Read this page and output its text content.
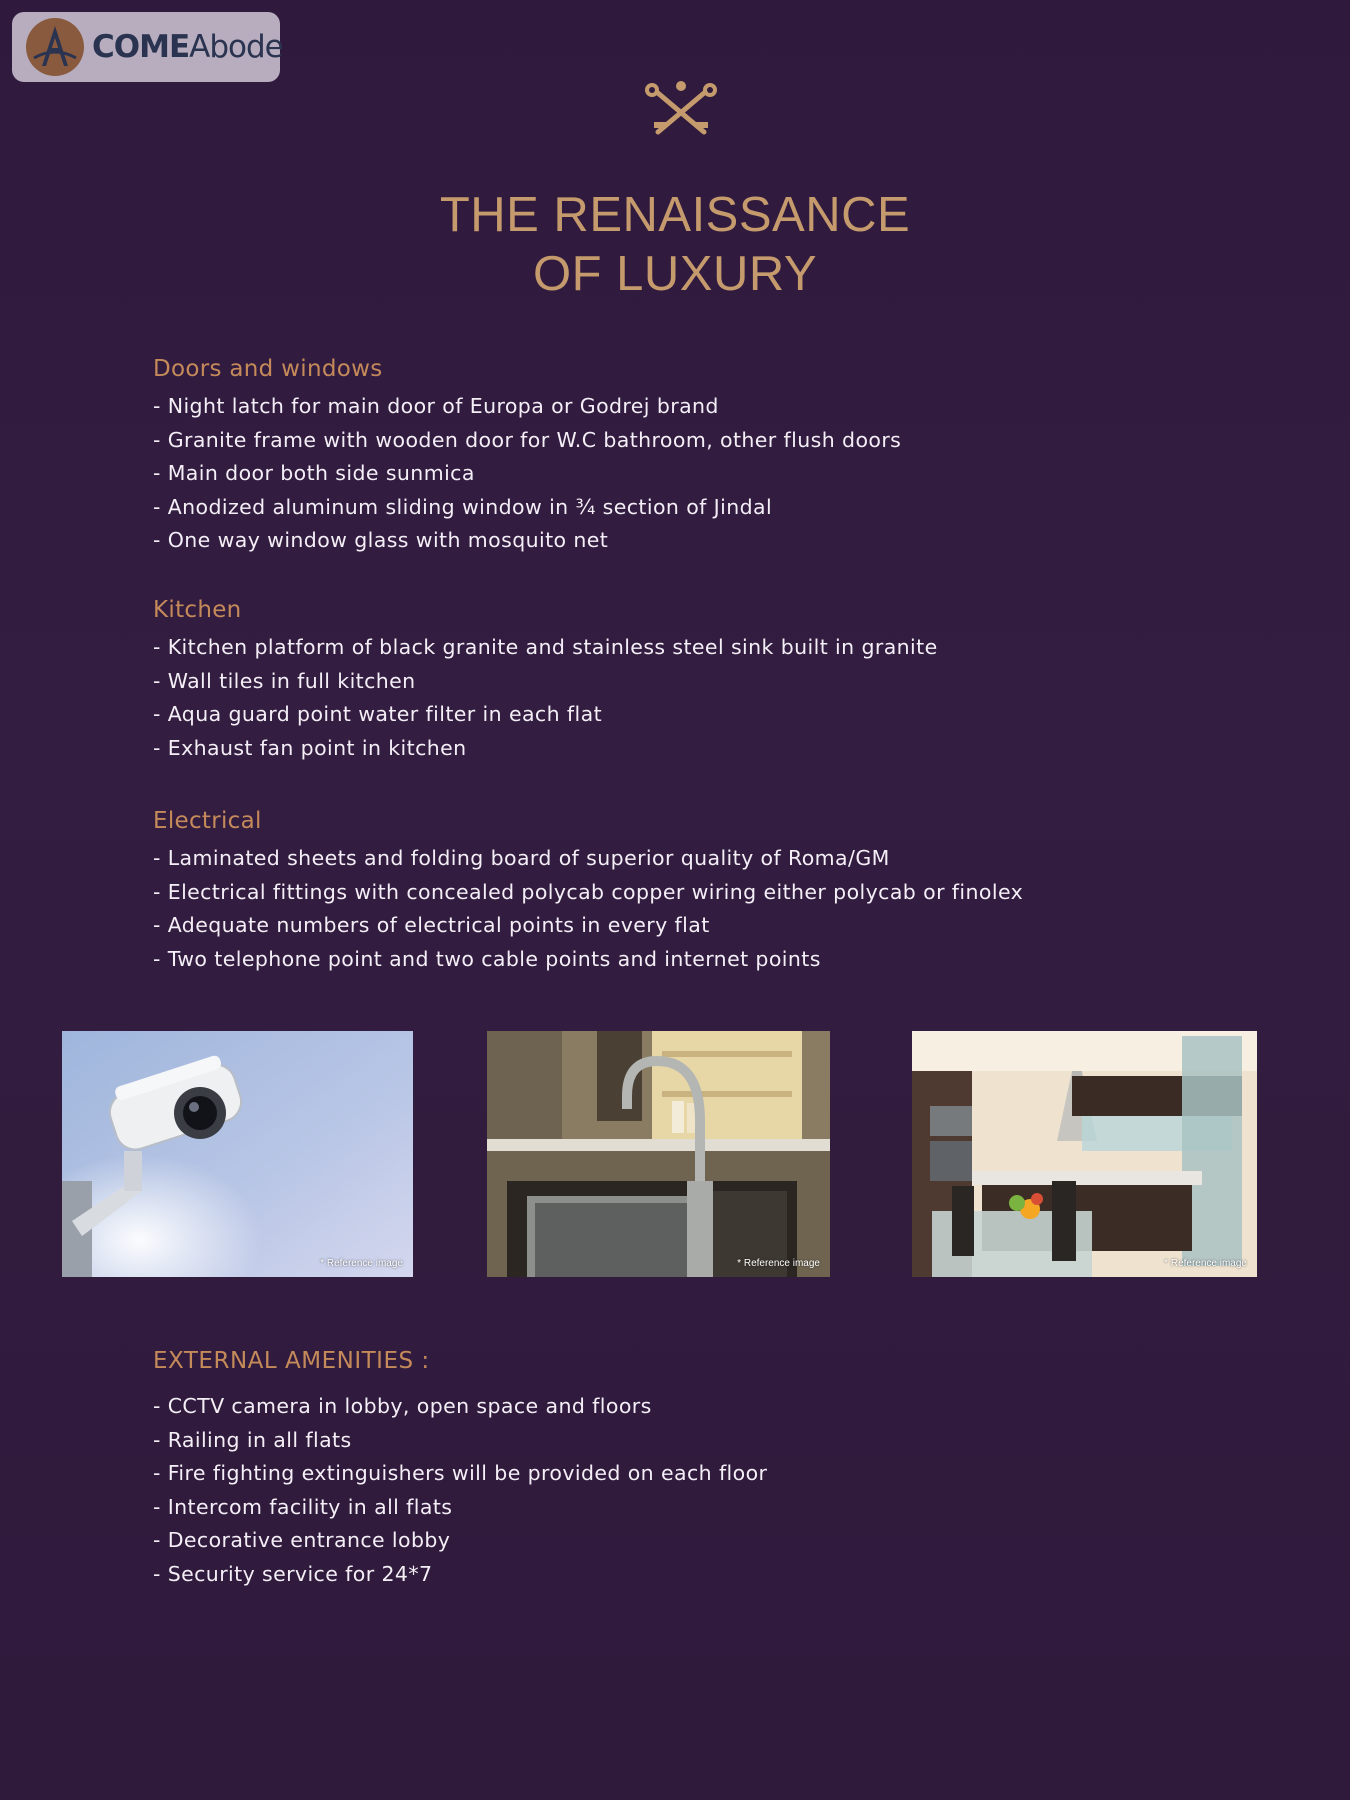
COMEAbode
THE RENAISSANCE
OF LUXURY
Doors and windows
- Night latch for main door of Europa or Godrej brand
- Granite frame with wooden door for W.C bathroom, other flush doors
- Main door both side sunmica
- Anodized aluminum sliding window in ¾ section of Jindal
- One way window glass with mosquito net
Kitchen
- Kitchen platform of black granite and stainless steel sink built in granite
- Wall tiles in full kitchen
- Aqua guard point water filter in each flat
- Exhaust fan point in kitchen
Electrical
- Laminated sheets and folding board of superior quality of Roma/GM
- Electrical fittings with concealed polycab copper wiring either polycab or finolex
- Adequate numbers of electrical points in every flat
- Two telephone point and two cable points and internet points
* Reference image	* Reference image	* Reference image
EXTERNAL AMENITIES :
- CCTV camera in lobby, open space and floors
- Railing in all flats
- Fire fighting extinguishers will be provided on each floor
- Intercom facility in all flats
- Decorative entrance lobby
- Security service for 24*7
